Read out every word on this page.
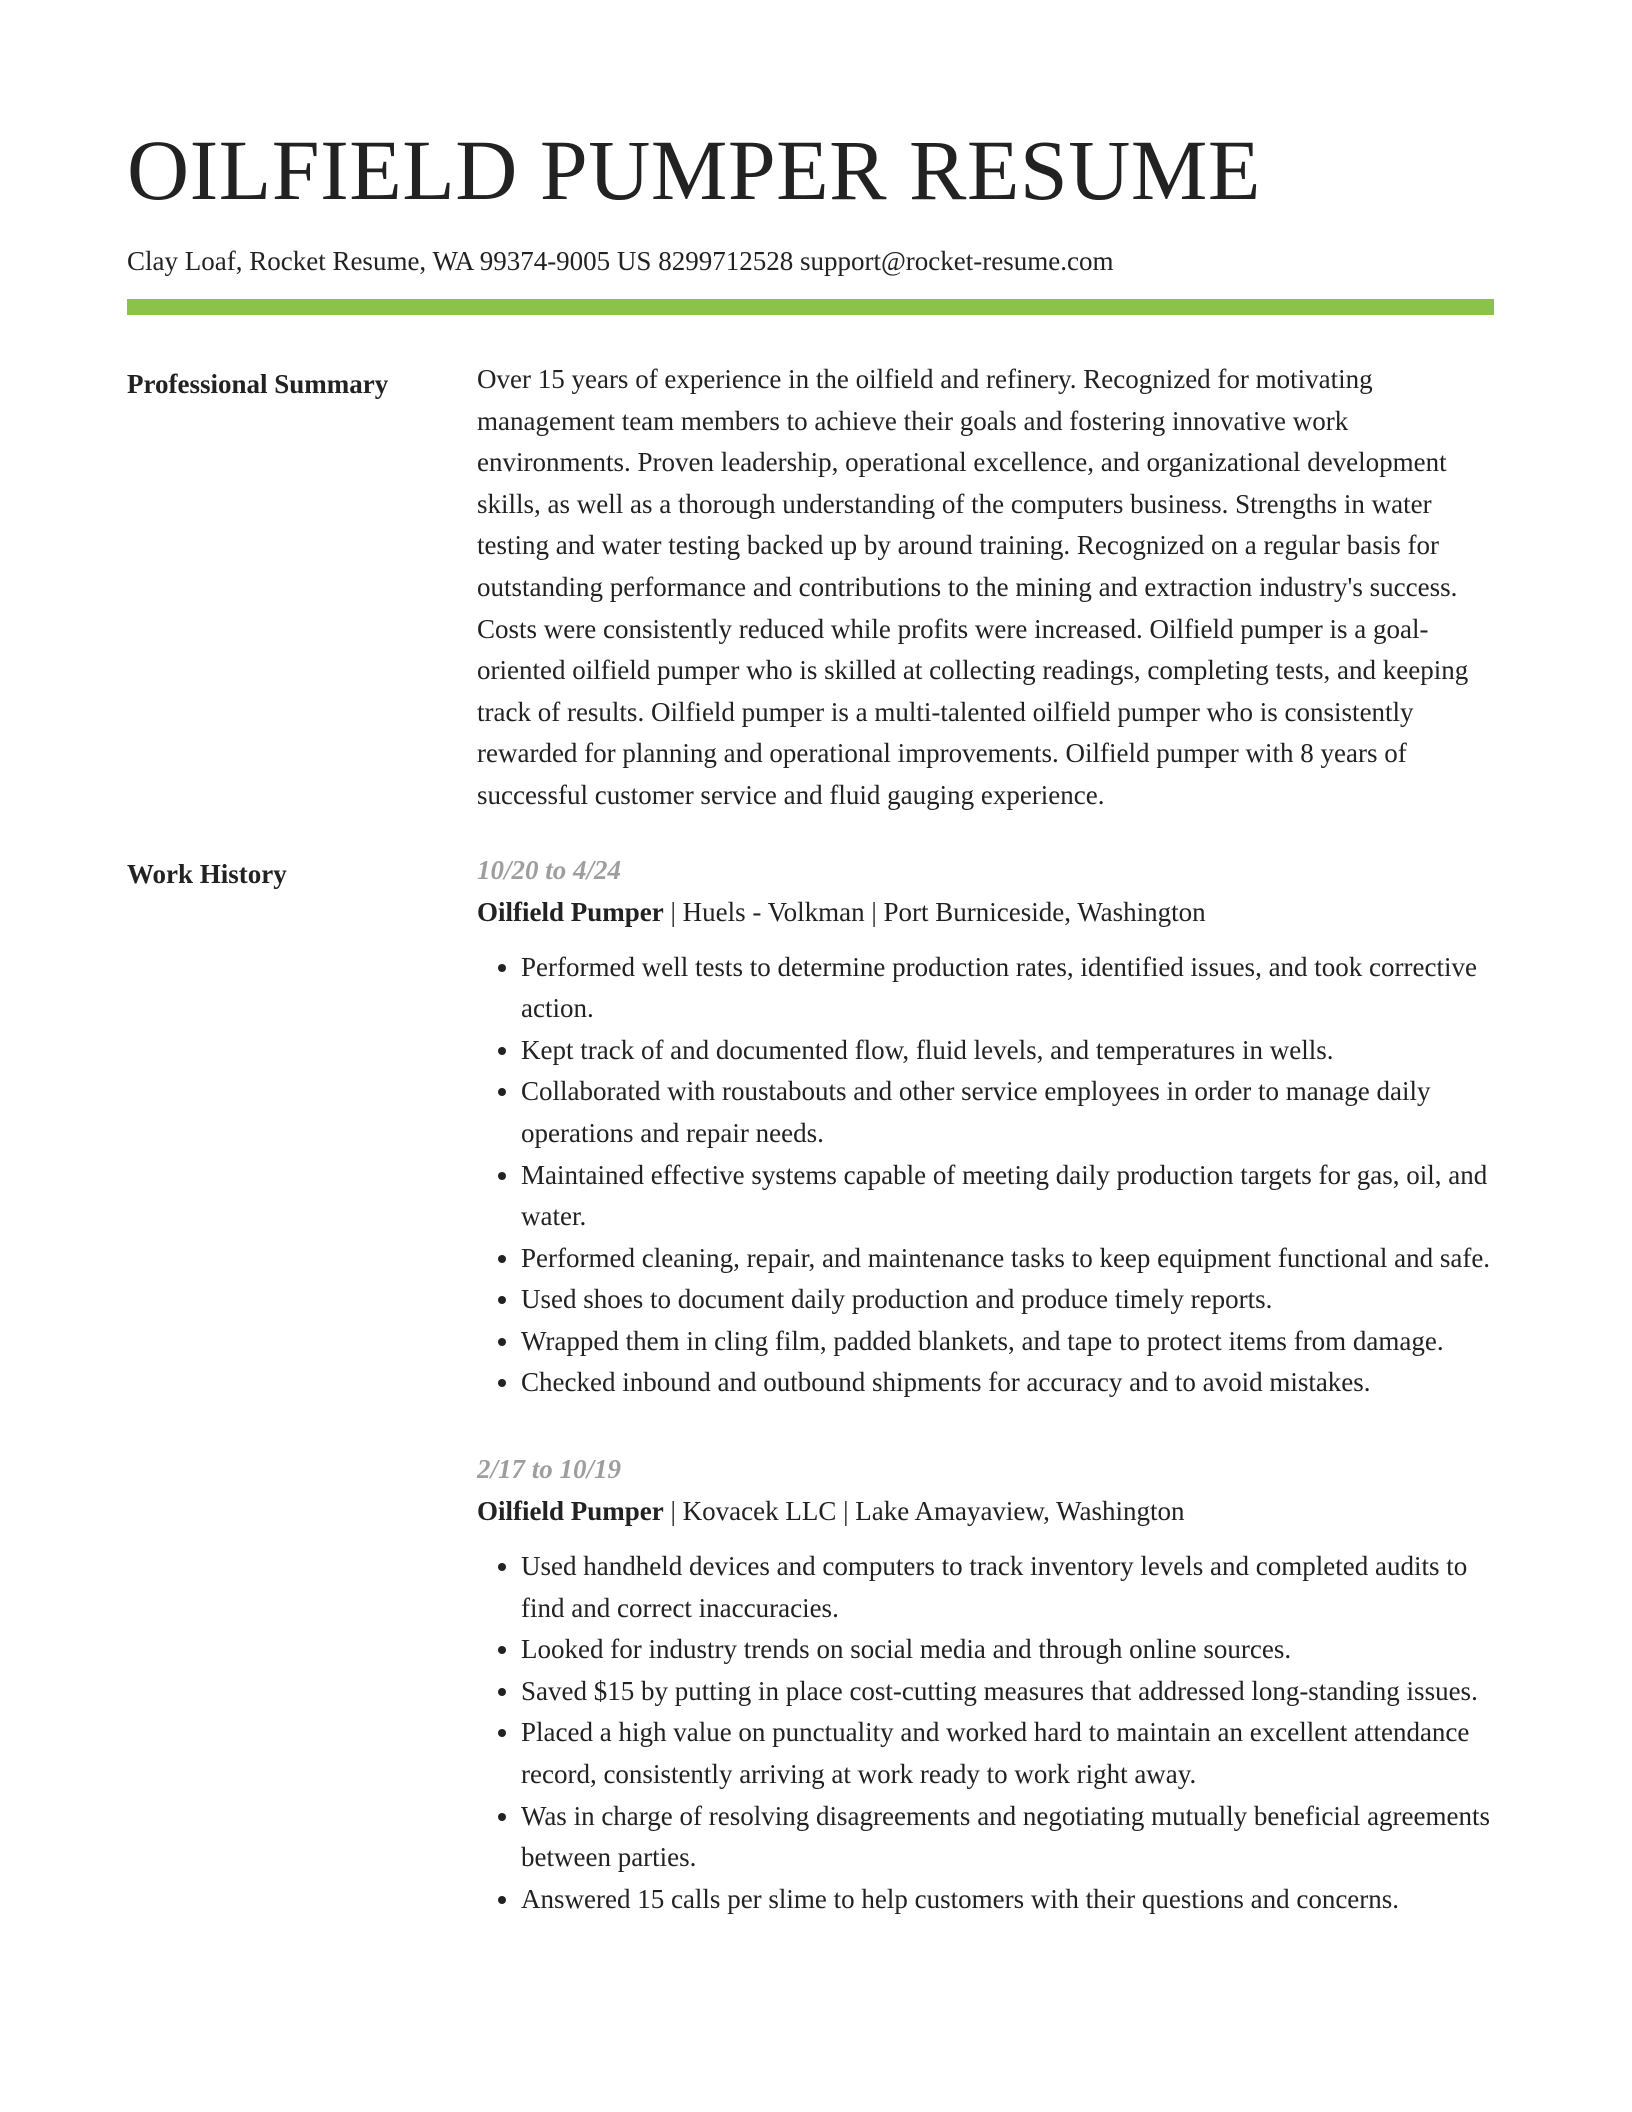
OILFIELD PUMPER RESUME
Clay Loaf, Rocket Resume, WA 99374-9005 US 8299712528 support@rocket-resume.com
Professional Summary	Over 15 years of experience in the oilfield and refinery. Recognized for motivating management team members to achieve their goals and fostering innovative work environments. Proven leadership, operational excellence, and organizational development skills, as well as a thorough understanding of the computers business. Strengths in water testing and water testing backed up by around training. Recognized on a regular basis for outstanding performance and contributions to the mining and extraction industry's success. Costs were consistently reduced while profits were increased. Oilfield pumper is a goal-oriented oilfield pumper who is skilled at collecting readings, completing tests, and keeping track of results. Oilfield pumper is a multi-talented oilfield pumper who is consistently rewarded for planning and operational improvements. Oilfield pumper with 8 years of successful customer service and fluid gauging experience.

Work History	10/20 to 4/24
Oilfield Pumper | Huels - Volkman | Port Burniceside, Washington
• Performed well tests to determine production rates, identified issues, and took corrective action.
• Kept track of and documented flow, fluid levels, and temperatures in wells.
• Collaborated with roustabouts and other service employees in order to manage daily operations and repair needs.
• Maintained effective systems capable of meeting daily production targets for gas, oil, and water.
• Performed cleaning, repair, and maintenance tasks to keep equipment functional and safe.
• Used shoes to document daily production and produce timely reports.
• Wrapped them in cling film, padded blankets, and tape to protect items from damage.
• Checked inbound and outbound shipments for accuracy and to avoid mistakes.
2/17 to 10/19
Oilfield Pumper | Kovacek LLC | Lake Amayaview, Washington
• Used handheld devices and computers to track inventory levels and completed audits to find and correct inaccuracies.
• Looked for industry trends on social media and through online sources.
• Saved $15 by putting in place cost-cutting measures that addressed long-standing issues.
• Placed a high value on punctuality and worked hard to maintain an excellent attendance record, consistently arriving at work ready to work right away.
• Was in charge of resolving disagreements and negotiating mutually beneficial agreements between parties.
• Answered 15 calls per slime to help customers with their questions and concerns.
